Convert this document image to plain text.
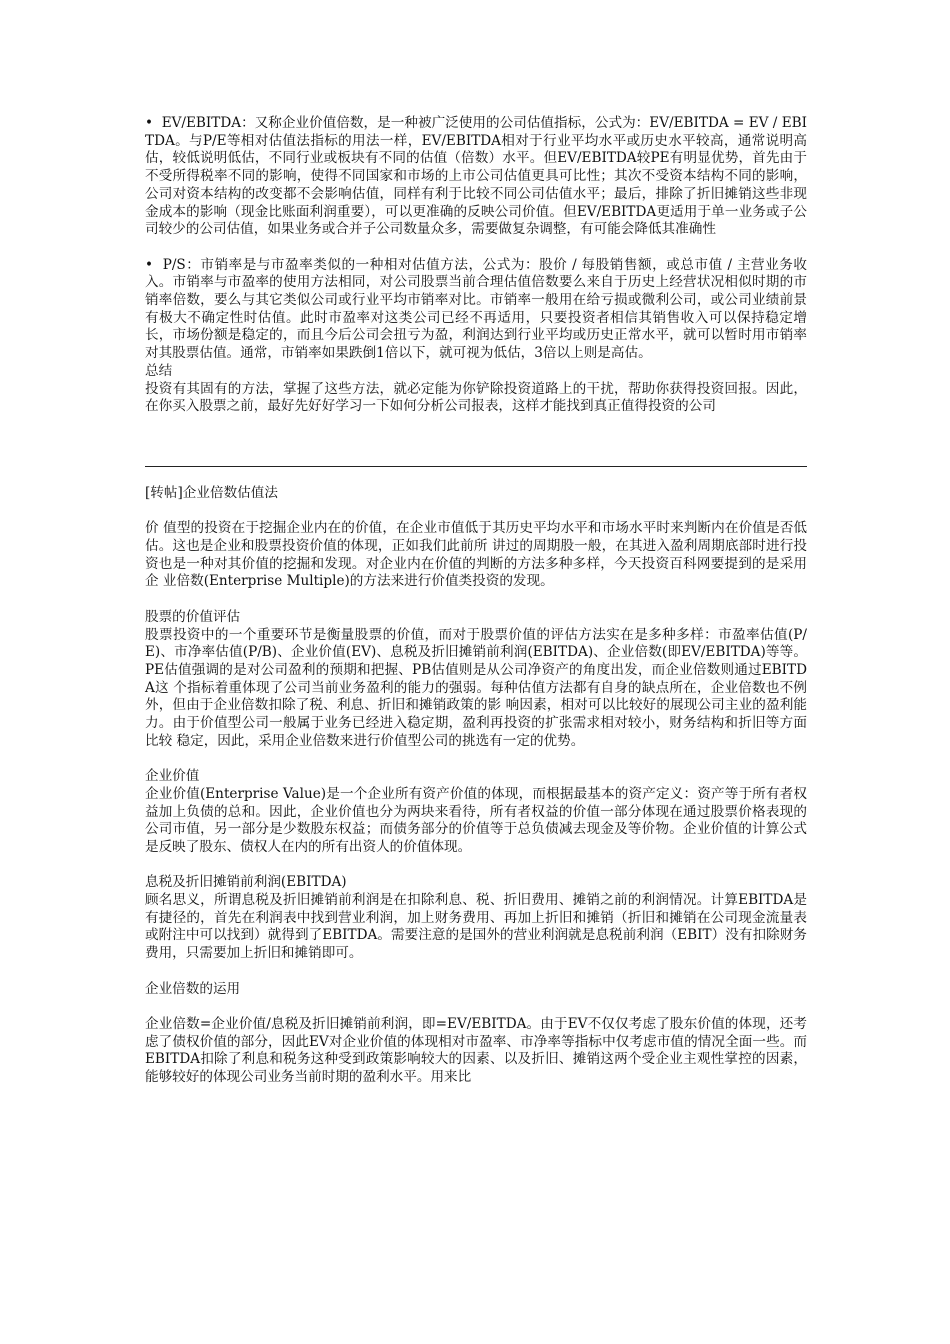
•  EV/EBITDA：又称企业价值倍数，是一种被广泛使用的公司估值指标，公式为：EV/EBITDA = EV / EBITDA。与P/E等相对估值法指标的用法一样，EV/EBITDA相对于行业平均水平或历史水平较高，通常说明高估，较低说明低估，不同行业或板块有不同的估值（倍数）水平。但EV/EBITDA较PE有明显优势，首先由于不受所得税率不同的影响，使得不同国家和市场的上市公司估值更具可比性；其次不受资本结构不同的影响，公司对资本结构的改变都不会影响估值，同样有利于比较不同公司估值水平；最后，排除了折旧摊销这些非现金成本的影响（现金比账面利润重要），可以更准确的反映公司价值。但EV/EBITDA更适用于单一业务或子公司较少的公司估值，如果业务或合并子公司数量众多，需要做复杂调整，有可能会降低其准确性

•  P/S：市销率是与市盈率类似的一种相对估值方法，公式为：股价 / 每股销售额，或总市值 / 主营业务收入。市销率与市盈率的使用方法相同，对公司股票当前合理估值倍数要么来自于历史上经营状况相似时期的市销率倍数，要么与其它类似公司或行业平均市销率对比。市销率一般用在给亏损或微利公司，或公司业绩前景有极大不确定性时估值。此时市盈率对这类公司已经不再适用，只要投资者相信其销售收入可以保持稳定增长，市场份额是稳定的，而且今后公司会扭亏为盈，利润达到行业平均或历史正常水平，就可以暂时用市销率对其股票估值。通常，市销率如果跌倒1倍以下，就可视为低估，3倍以上则是高估。

总结

投资有其固有的方法，掌握了这些方法，就必定能为你铲除投资道路上的干扰，帮助你获得投资回报。因此，在你买入股票之前，最好先好好学习一下如何分析公司报表，这样才能找到真正值得投资的公司

[转帖]企业倍数估值法

价 值型的投资在于挖掘企业内在的价值，在企业市值低于其历史平均水平和市场水平时来判断内在价值是否低估。这也是企业和股票投资价值的体现，正如我们此前所 讲过的周期股一般，在其进入盈利周期底部时进行投资也是一种对其价值的挖掘和发现。对企业内在价值的判断的方法多种多样，今天投资百科网要提到的是采用企 业倍数(Enterprise Multiple)的方法来进行价值类投资的发现。

股票的价值评估

股票投资中的一个重要环节是衡量股票的价值，而对于股票价值的评估方法实在是多种多样：市盈率估值(P/E)、市净率估值(P/B)、企业价值(EV)、息税及折旧摊销前利润(EBITDA)、企业倍数(即EV/EBITDA)等等。PE估值强调的是对公司盈利的预期和把握、PB估值则是从公司净资产的角度出发，而企业倍数则通过EBITDA这 个指标着重体现了公司当前业务盈利的能力的强弱。每种估值方法都有自身的缺点所在，企业倍数也不例外，但由于企业倍数扣除了税、利息、折旧和摊销政策的影 响因素，相对可以比较好的展现公司主业的盈利能力。由于价值型公司一般属于业务已经进入稳定期，盈利再投资的扩张需求相对较小，财务结构和折旧等方面比较 稳定，因此，采用企业倍数来进行价值型公司的挑选有一定的优势。

企业价值

企业价值(Enterprise Value)是一个企业所有资产价值的体现，而根据最基本的资产定义：资产等于所有者权益加上负债的总和。因此，企业价值也分为两块来看待，所有者权益的价值一部分体现在通过股票价格表现的公司市值，另一部分是少数股东权益；而债务部分的价值等于总负债减去现金及等价物。企业价值的计算公式是反映了股东、债权人在内的所有出资人的价值体现。

息税及折旧摊销前利润(EBITDA)

顾名思义，所谓息税及折旧摊销前利润是在扣除利息、税、折旧费用、摊销之前的利润情况。计算EBITDA是有捷径的，首先在利润表中找到营业利润，加上财务费用、再加上折旧和摊销（折旧和摊销在公司现金流量表或附注中可以找到）就得到了EBITDA。需要注意的是国外的营业利润就是息税前利润（EBIT）没有扣除财务费用，只需要加上折旧和摊销即可。

企业倍数的运用

企业倍数=企业价值/息税及折旧摊销前利润，即=EV/EBITDA。由于EV不仅仅考虑了股东价值的体现，还考虑了债权价值的部分，因此EV对企业价值的体现相对市盈率、市净率等指标中仅考虑市值的情况全面一些。而EBITDA扣除了利息和税务这种受到政策影响较大的因素、以及折旧、摊销这两个受企业主观性掌控的因素，能够较好的体现公司业务当前时期的盈利水平。用来比
